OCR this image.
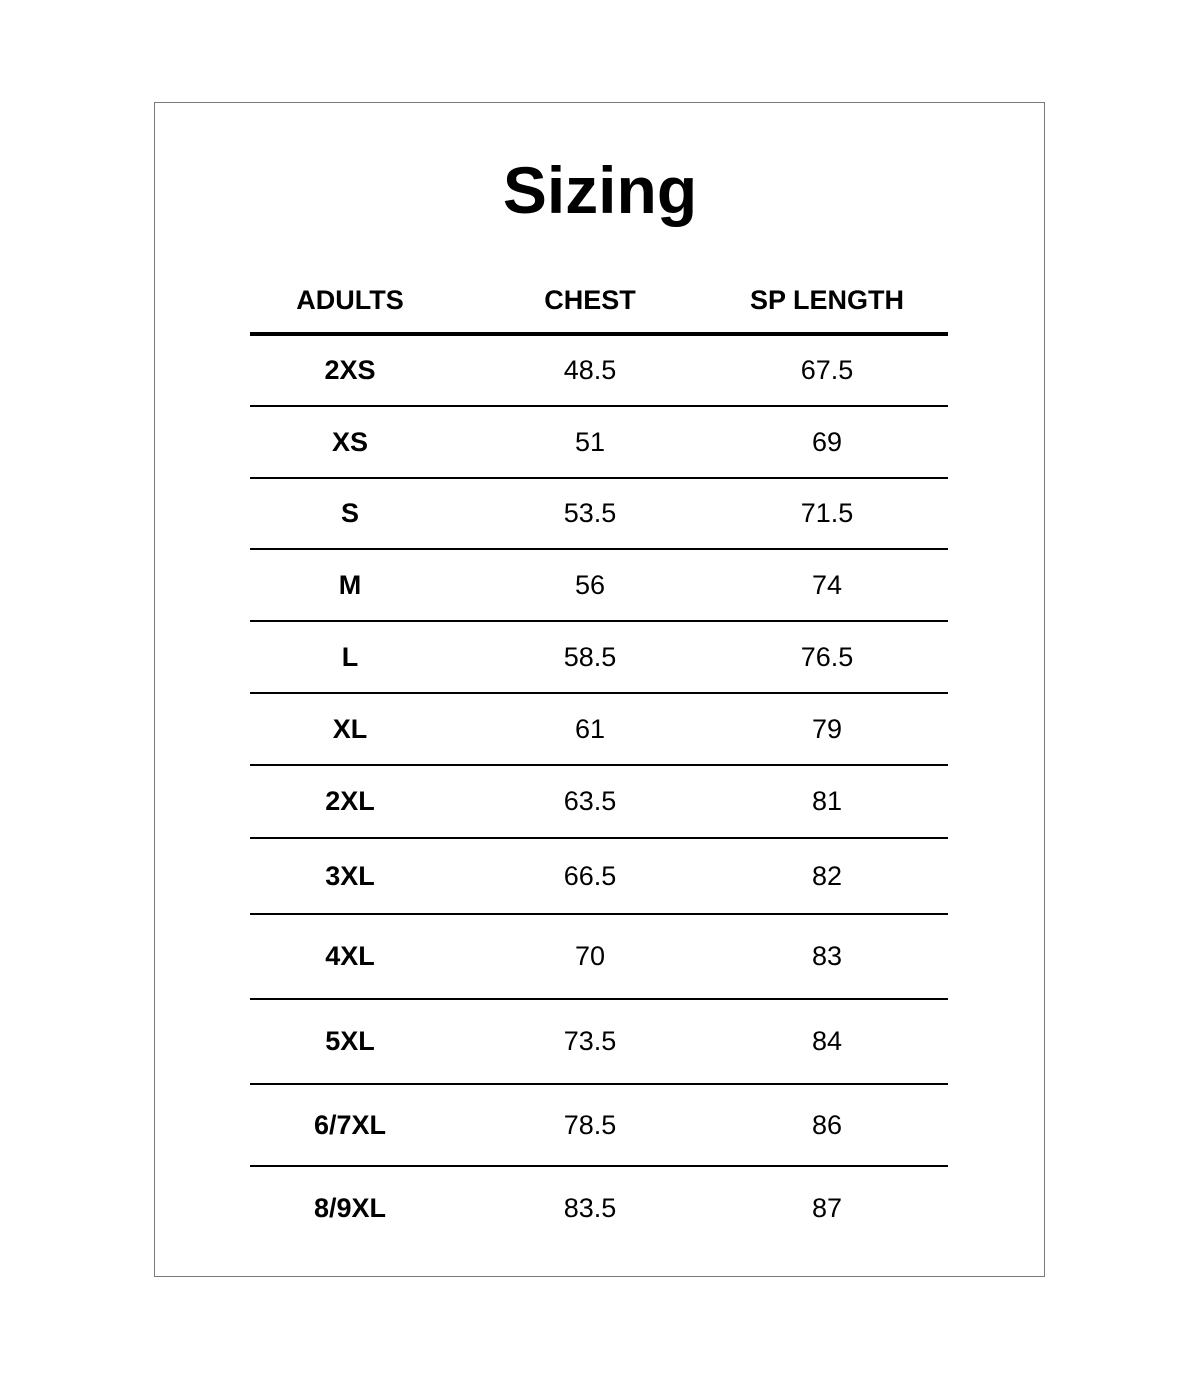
Sizing
ADULTS	CHEST	SP LENGTH
2XS	48.5	67.5
XS	51	69
S	53.5	71.5
M	56	74
L	58.5	76.5
XL	61	79
2XL	63.5	81
3XL	66.5	82
4XL	70	83
5XL	73.5	84
6/7XL	78.5	86
8/9XL	83.5	87
